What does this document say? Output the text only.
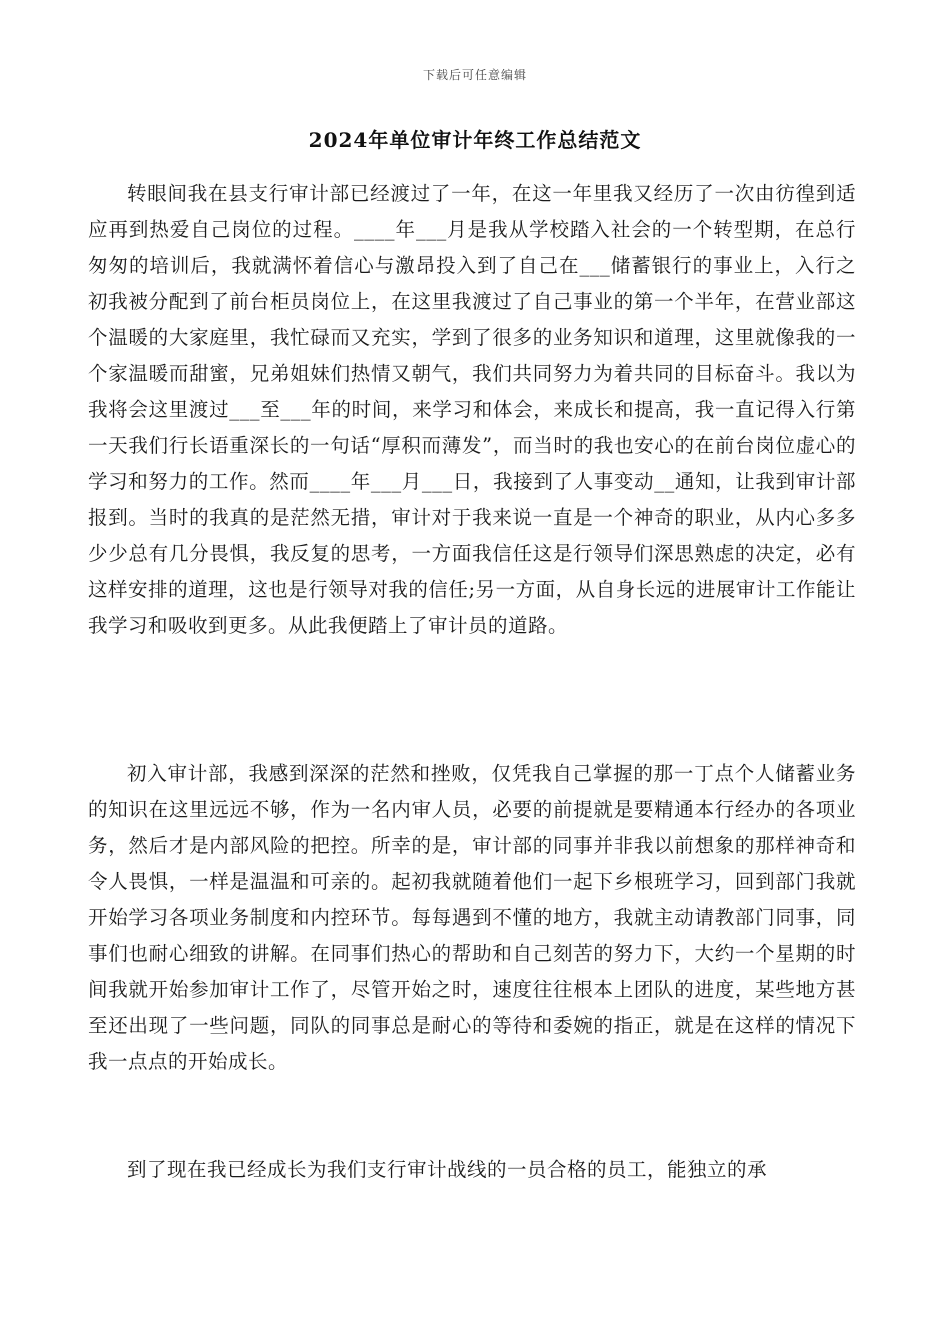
下载后可任意编辑
2024年单位审计年终工作总结范文

转眼间我在县支行审计部已经渡过了一年，在这一年里我又经历了一次由彷徨到适应再到热爱自己岗位的过程。____年___月是我从学校踏入社会的一个转型期，在总行匆匆的培训后，我就满怀着信心与激昂投入到了自己在___储蓄银行的事业上，入行之初我被分配到了前台柜员岗位上，在这里我渡过了自己事业的第一个半年，在营业部这个温暖的大家庭里，我忙碌而又充实，学到了很多的业务知识和道理，这里就像我的一个家温暖而甜蜜，兄弟姐妹们热情又朝气，我们共同努力为着共同的目标奋斗。我以为我将会这里渡过___至___年的时间，来学习和体会，来成长和提高，我一直记得入行第一天我们行长语重深长的一句话“厚积而薄发”，而当时的我也安心的在前台岗位虚心的学习和努力的工作。然而____年___月___日，我接到了人事变动__通知，让我到审计部报到。当时的我真的是茫然无措，审计对于我来说一直是一个神奇的职业，从内心多多少少总有几分畏惧，我反复的思考，一方面我信任这是行领导们深思熟虑的决定，必有这样安排的道理，这也是行领导对我的信任;另一方面，从自身长远的进展审计工作能让我学习和吸收到更多。从此我便踏上了审计员的道路。

初入审计部，我感到深深的茫然和挫败，仅凭我自己掌握的那一丁点个人储蓄业务的知识在这里远远不够，作为一名内审人员，必要的前提就是要精通本行经办的各项业务，然后才是内部风险的把控。所幸的是，审计部的同事并非我以前想象的那样神奇和令人畏惧，一样是温温和可亲的。起初我就随着他们一起下乡根班学习，回到部门我就开始学习各项业务制度和内控环节。每每遇到不懂的地方，我就主动请教部门同事，同事们也耐心细致的讲解。在同事们热心的帮助和自己刻苦的努力下，大约一个星期的时间我就开始参加审计工作了，尽管开始之时，速度往往根本上团队的进度，某些地方甚至还出现了一些问题，同队的同事总是耐心的等待和委婉的指正，就是在这样的情况下我一点点的开始成长。

到了现在我已经成长为我们支行审计战线的一员合格的员工，能独立的承
